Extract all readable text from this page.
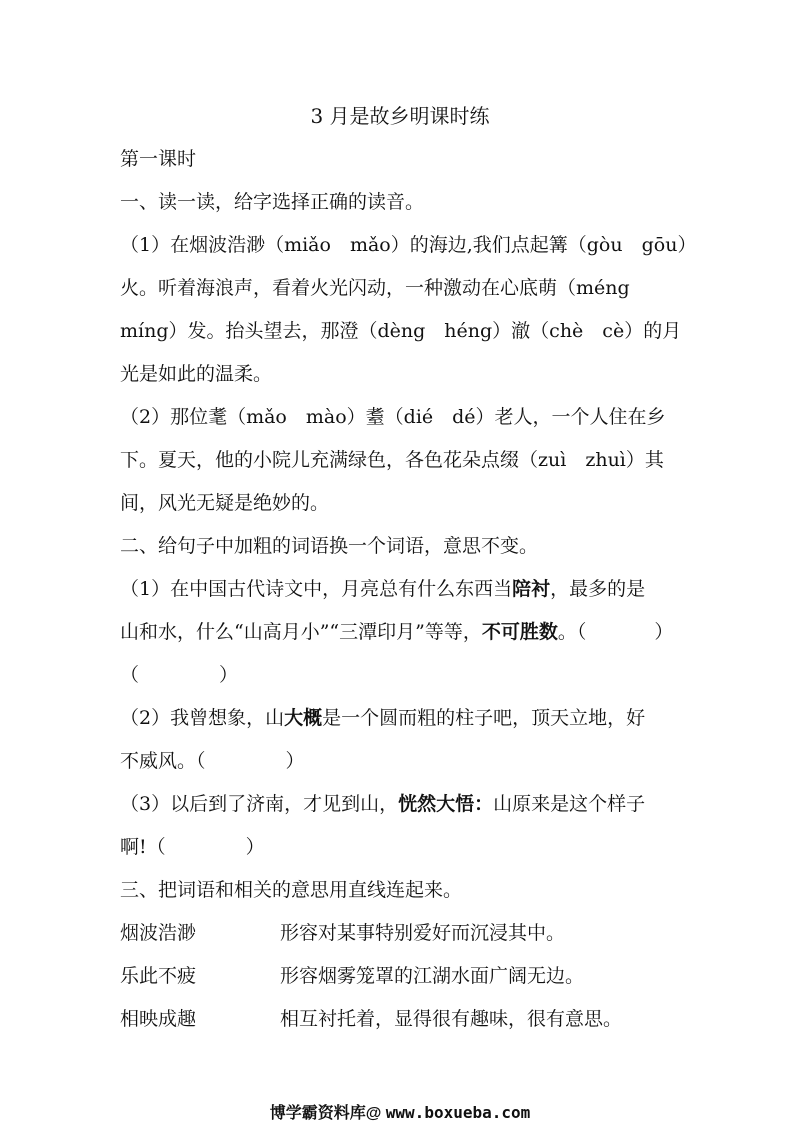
3 月是故乡明课时练
第一课时
一、读一读，给字选择正确的读音。
（1）在烟波浩渺（miǎo　mǎo）的海边,我们点起篝（gòu　gōu）
火。听着海浪声，看着火光闪动，一种激动在心底萌（méng
míng）发。抬头望去，那澄（dèng　héng）澈（chè　cè）的月
光是如此的温柔。
（2）那位耄（mǎo　mào）耋（dié　dé）老人，一个人住在乡
下。夏天，他的小院儿充满绿色，各色花朵点缀（zuì　zhuì）其
间，风光无疑是绝妙的。
二、给句子中加粗的词语换一个词语，意思不变。
（1）在中国古代诗文中，月亮总有什么东西当陪衬，最多的是
山和水，什么“山高月小”“三潭印月”等等，不可胜数。（	）
（	）
（2）我曾想象，山大概是一个圆而粗的柱子吧，顶天立地，好
不威风。（	）
（3）以后到了济南，才见到山，恍然大悟：山原来是这个样子
啊!（	）
三、把词语和相关的意思用直线连起来。
烟波浩渺	形容对某事特别爱好而沉浸其中。
乐此不疲	形容烟雾笼罩的江湖水面广阔无边。
相映成趣	相互衬托着，显得很有趣味，很有意思。
博学霸资料库@ www.boxueba.com
